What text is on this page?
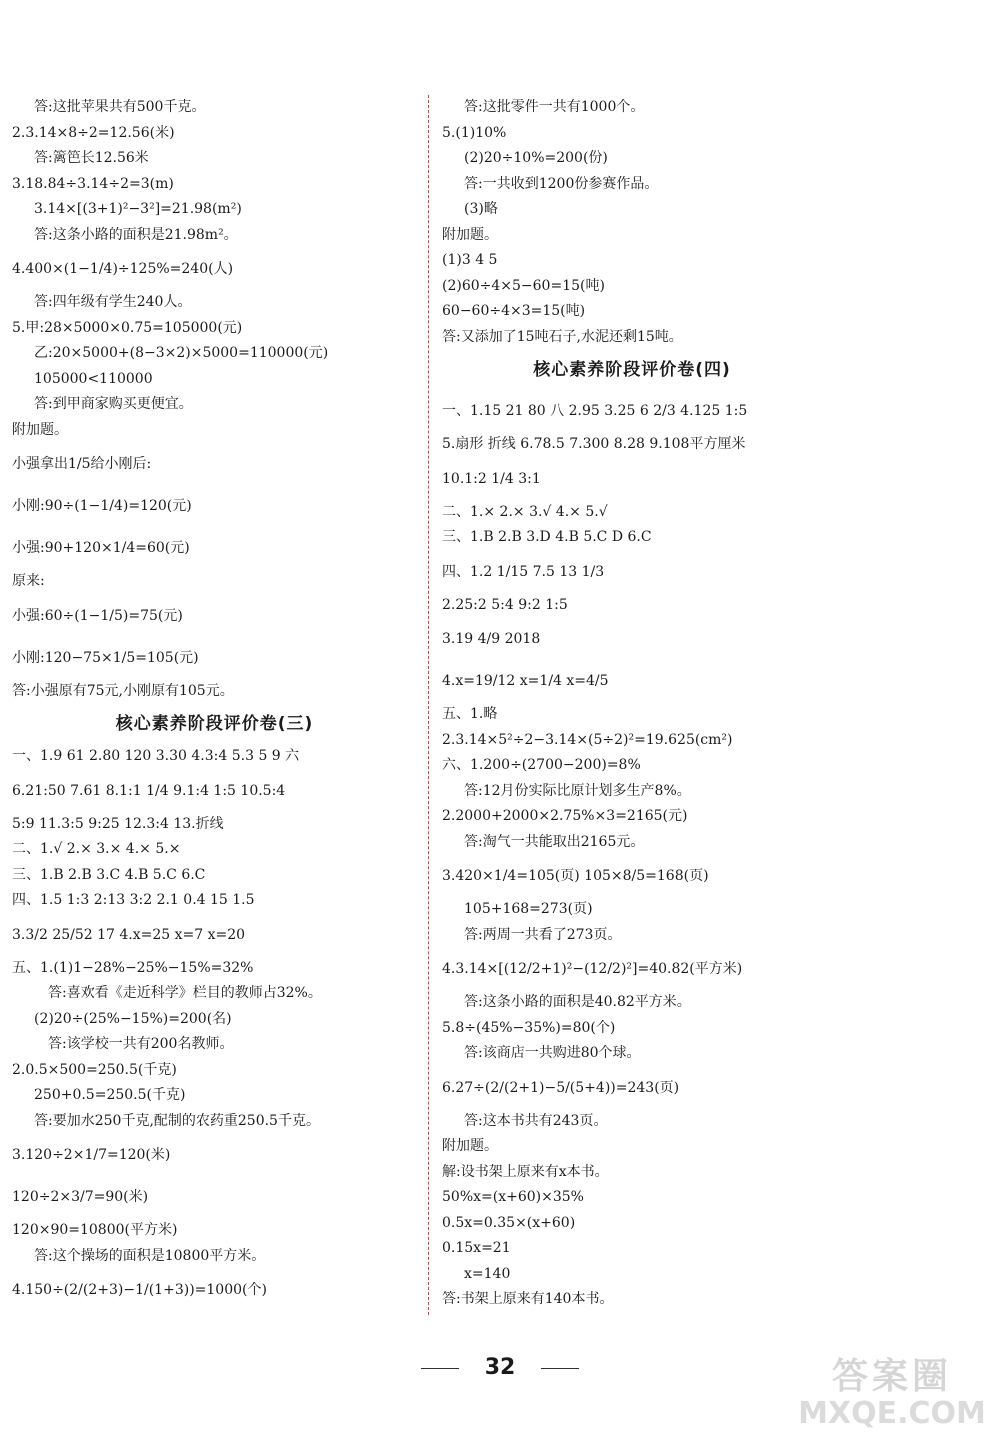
答:这批苹果共有500千克。
2.3.14×8÷2=12.56(米)
答:篱笆长12.56米
3.18.84÷3.14÷2=3(m)
3.14×[(3+1)²−3²]=21.98(m²)
答:这条小路的面积是21.98m²。
4.400×(1−1/4)÷125%=240(人)
答:四年级有学生240人。
5.甲:28×5000×0.75=105000(元)
乙:20×5000+(8−3×2)×5000=110000(元)
105000<110000
答:到甲商家购买更便宜。
附加题。
小强拿出1/5给小刚后:
小刚:90÷(1−1/4)=120(元)
小强:90+120×1/4=60(元)
原来:
小强:60÷(1−1/5)=75(元)
小刚:120−75×1/5=105(元)
答:小强原有75元,小刚原有105元。
核心素养阶段评价卷(三)
一、1.9 61 2.80 120 3.30 4.3:4 5.3 5 9 六
6.21:50 7.61 8.1:1 1/4 9.1:4 1:5 10.5:4
5:9 11.3:5 9:25 12.3:4 13.折线
二、1.√ 2.× 3.× 4.× 5.×
三、1.B 2.B 3.C 4.B 5.C 6.C
四、1.5 1:3 2:13 3:2 2.1 0.4 15 1.5
3.3/2 25/52 17 4.x=25 x=7 x=20
五、1.(1)1−28%−25%−15%=32%
答:喜欢看《走近科学》栏目的教师占32%。
(2)20÷(25%−15%)=200(名)
答:该学校一共有200名教师。
2.0.5×500=250.5(千克)
250+0.5=250.5(千克)
答:要加水250千克,配制的农药重250.5千克。
3.120÷2×1/7=120(米)
120÷2×3/7=90(米)
120×90=10800(平方米)
答:这个操场的面积是10800平方米。
4.150÷(2/(2+3)−1/(1+3))=1000(个)
答:这批零件一共有1000个。
5.(1)10%
(2)20÷10%=200(份)
答:一共收到1200份参赛作品。
(3)略
附加题。
(1)3 4 5
(2)60÷4×5−60=15(吨)
60−60÷4×3=15(吨)
答:又添加了15吨石子,水泥还剩15吨。
核心素养阶段评价卷(四)
一、1.15 21 80 八 2.95 3.25 6 2/3 4.125 1:5
5.扇形 折线 6.78.5 7.300 8.28 9.108平方厘米
10.1:2 1/4 3:1
二、1.× 2.× 3.√ 4.× 5.√
三、1.B 2.B 3.D 4.B 5.C D 6.C
四、1.2 1/15 7.5 13 1/3
2.25:2 5:4 9:2 1:5
3.19 4/9 2018
4.x=19/12 x=1/4 x=4/5
五、1.略
2.3.14×5²÷2−3.14×(5÷2)²=19.625(cm²)
六、1.200÷(2700−200)=8%
答:12月份实际比原计划多生产8%。
2.2000+2000×2.75%×3=2165(元)
答:淘气一共能取出2165元。
3.420×1/4=105(页) 105×8/5=168(页)
105+168=273(页)
答:两周一共看了273页。
4.3.14×[(12/2+1)²−(12/2)²]=40.82(平方米)
答:这条小路的面积是40.82平方米。
5.8÷(45%−35%)=80(个)
答:该商店一共购进80个球。
6.27÷(2/(2+1)−5/(5+4))=243(页)
答:这本书共有243页。
附加题。
解:设书架上原来有x本书。
50%x=(x+60)×35%
0.5x=0.35×(x+60)
0.15x=21
x=140
答:书架上原来有140本书。
32	答案圈
MXQE.COM
